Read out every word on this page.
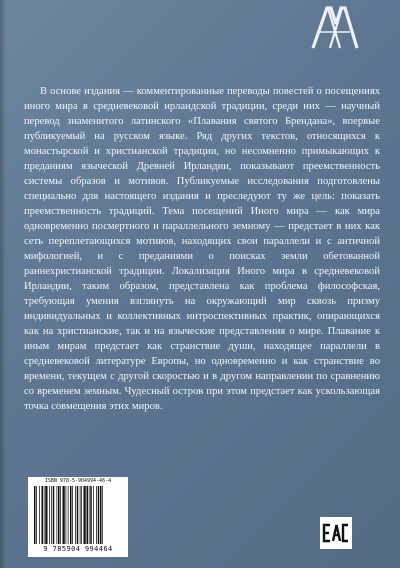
В основе издания — комментированные переводы повестей о посещениях иного мира в средневековой ирландской традиции, среди них — научный перевод знаменитого латинского «Плавания святого Брендана», впервые публикуемый на русском языке. Ряд других текстов, относящихся к монастырской и христианской традиции, но несомненно примыкающих к преданиям языческой Древней Ирландии, показывают преемственность системы образов и мотивов. Публикуемые исследования подготовлены специально для настоящего издания и преследуют ту же цель: показать преемственность традиций. Тема посещений Иного мира — как мира одновременно посмертного и параллельного земному — предстает в них как сеть переплетающихся мотивов, находящих свои параллели и с античной мифологией, и с преданиями о поисках земли обетованной раннехристианской традиции. Локализация Иного мира в средневековой Ирландии, таким образом, представлена как проблема философская, требующая умения взглянуть на окружающий мир сквозь призму индивидуальных и коллективных интроспективных практик, опирающихся как на христианские, так и на языческие представления о мире. Плавание к иным мирам предстает как странствие души, находящее параллели в средневековой литературе Европы, но одновременно и как странствие во времени, текущем с другой скоростью и в другом направлении по сравнению со временем земным. Чудесный остров при этом предстает как ускользающая точка совмещения этих миров.

ISBN 978-5-904994-46-4
9 785904 994464
